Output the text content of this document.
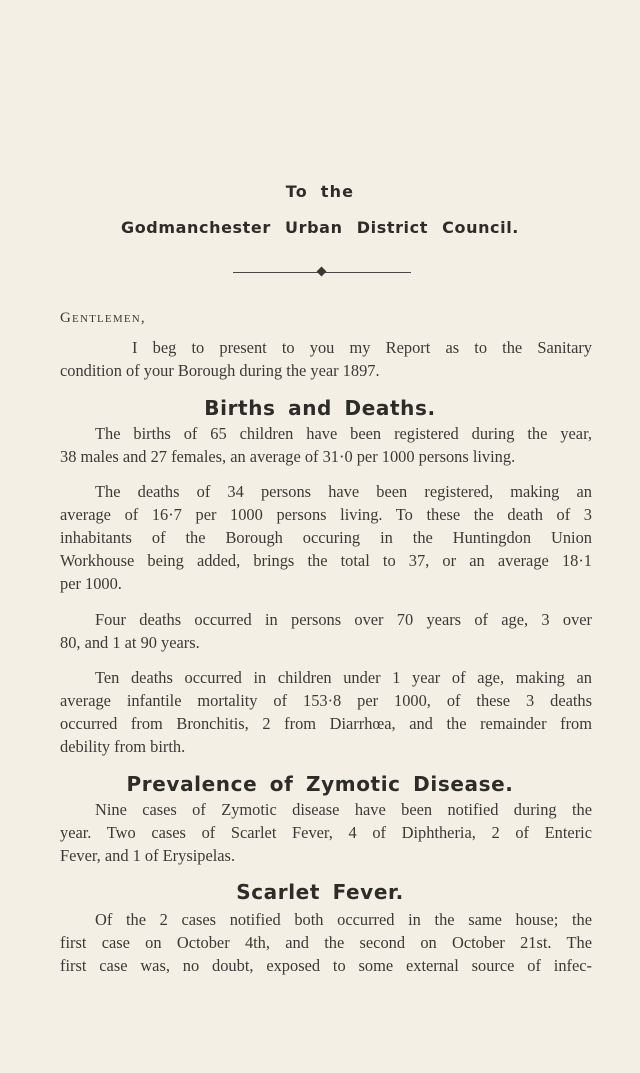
To the
Godmanchester Urban District Council.
Gentlemen,
I beg to present to you my Report as to the Sanitary
condition of your Borough during the year 1897.
Births and Deaths.
The births of 65 children have been registered during the year,
38 males and 27 females, an average of 31·0 per 1000 persons living.
The deaths of 34 persons have been registered, making an
average of 16·7 per 1000 persons living. To these the death of 3
inhabitants of the Borough occuring in the Huntingdon Union
Workhouse being added, brings the total to 37, or an average 18·1
per 1000.
Four deaths occurred in persons over 70 years of age, 3 over
80, and 1 at 90 years.
Ten deaths occurred in children under 1 year of age, making an
average infantile mortality of 153·8 per 1000, of these 3 deaths
occurred from Bronchitis, 2 from Diarrhœa, and the remainder from
debility from birth.
Prevalence of Zymotic Disease.
Nine cases of Zymotic disease have been notified during the
year. Two cases of Scarlet Fever, 4 of Diphtheria, 2 of Enteric
Fever, and 1 of Erysipelas.
Scarlet Fever.
Of the 2 cases notified both occurred in the same house; the
first case on October 4th, and the second on October 21st. The
first case was, no doubt, exposed to some external source of infec-
